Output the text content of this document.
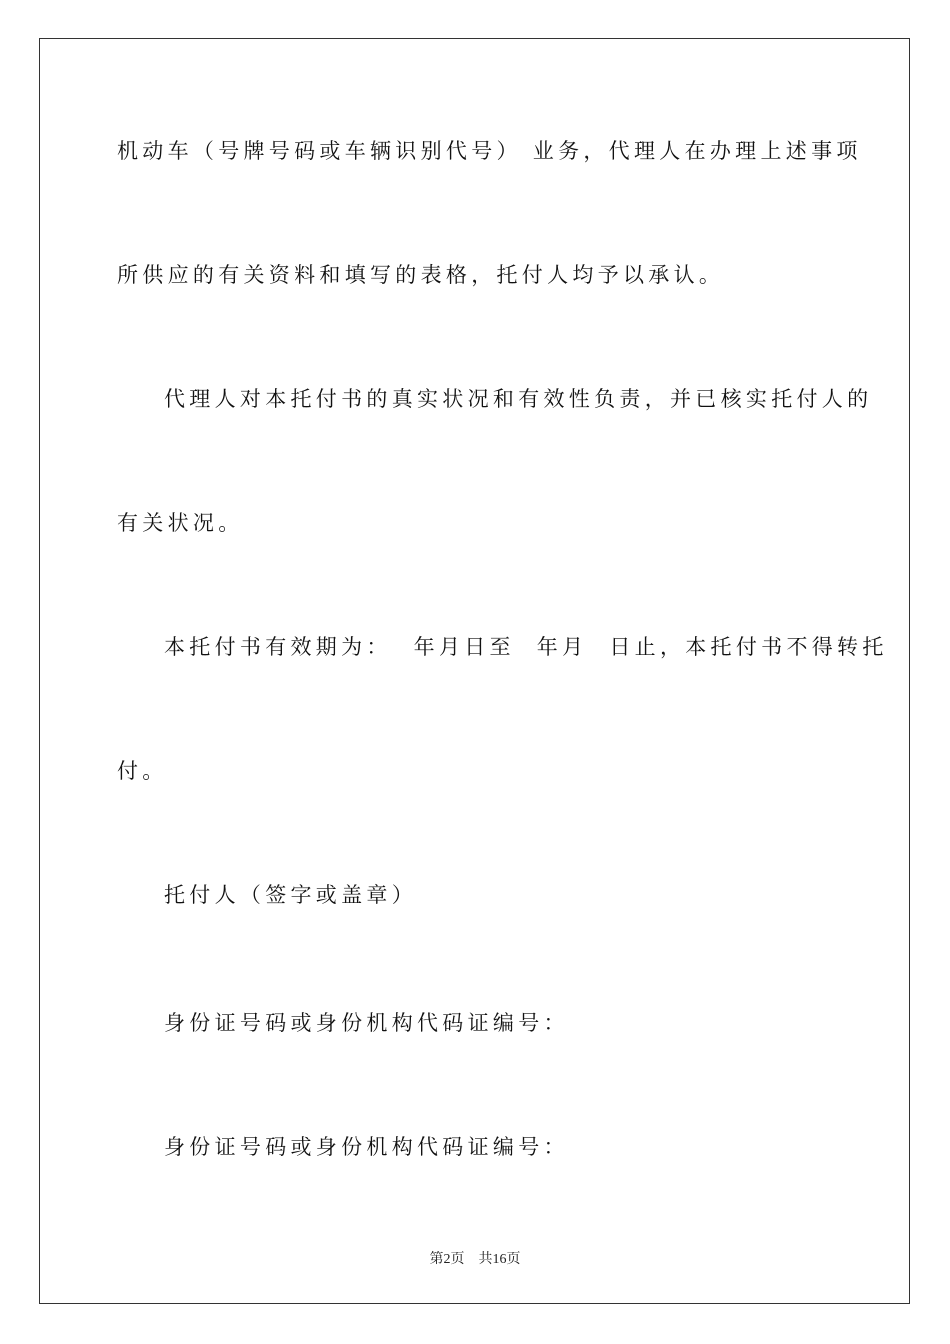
机动车（号牌号码或车辆识别代号） 业务，代理人在办理上述事项
所供应的有关资料和填写的表格，托付人均予以承认。
代理人对本托付书的真实状况和有效性负责，并已核实托付人的
有关状况。
本托付书有效期为：  年月日至  年月  日止，本托付书不得转托
付。
托付人（签字或盖章）
身份证号码或身份机构代码证编号：
身份证号码或身份机构代码证编号：
第2页 共16页
